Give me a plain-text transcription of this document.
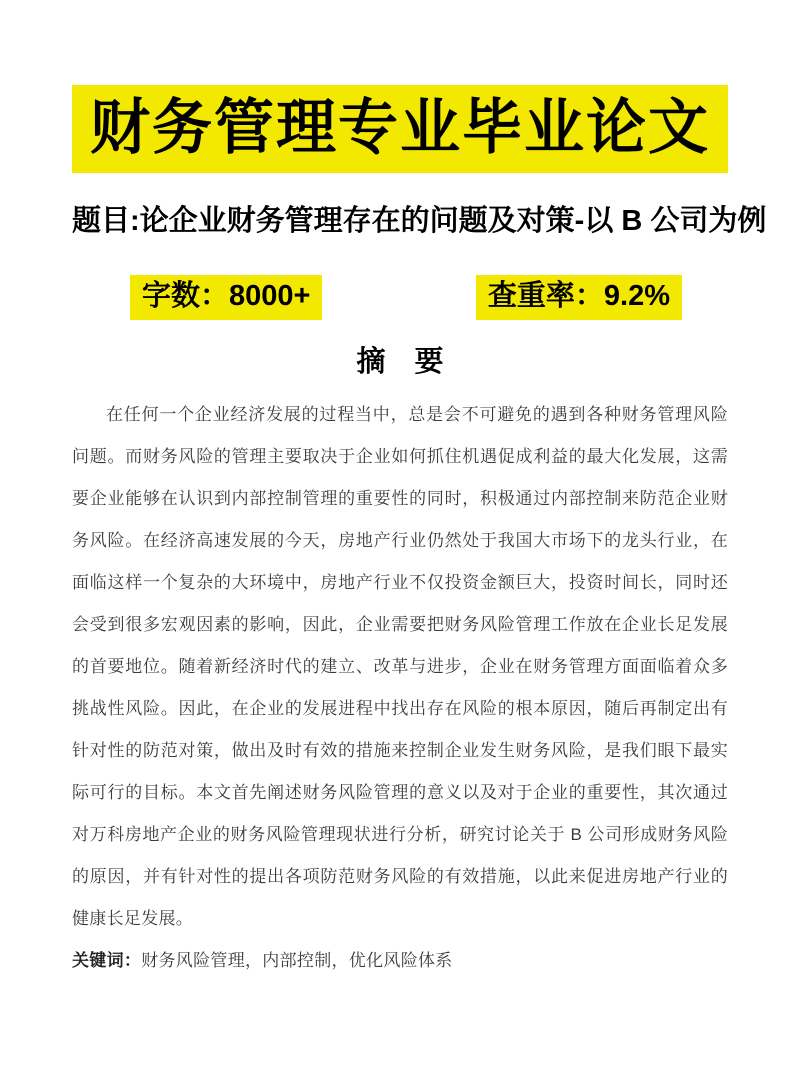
财务管理专业毕业论文
题目:论企业财务管理存在的问题及对策-以 B 公司为例
字数：8000+	查重率：9.2%
摘　要

在任何一个企业经济发展的过程当中，总是会不可避免的遇到各种财务管理风险问题。而财务风险的管理主要取决于企业如何抓住机遇促成利益的最大化发展，这需要企业能够在认识到内部控制管理的重要性的同时，积极通过内部控制来防范企业财务风险。在经济高速发展的今天，房地产行业仍然处于我国大市场下的龙头行业，在面临这样一个复杂的大环境中，房地产行业不仅投资金额巨大，投资时间长，同时还会受到很多宏观因素的影响，因此，企业需要把财务风险管理工作放在企业长足发展的首要地位。随着新经济时代的建立、改革与进步，企业在财务管理方面面临着众多挑战性风险。因此，在企业的发展进程中找出存在风险的根本原因，随后再制定出有针对性的防范对策，做出及时有效的措施来控制企业发生财务风险，是我们眼下最实际可行的目标。本文首先阐述财务风险管理的意义以及对于企业的重要性，其次通过对万科房地产企业的财务风险管理现状进行分析，研究讨论关于 B 公司形成财务风险的原因，并有针对性的提出各项防范财务风险的有效措施，以此来促进房地产行业的健康长足发展。

关键词：财务风险管理，内部控制，优化风险体系
